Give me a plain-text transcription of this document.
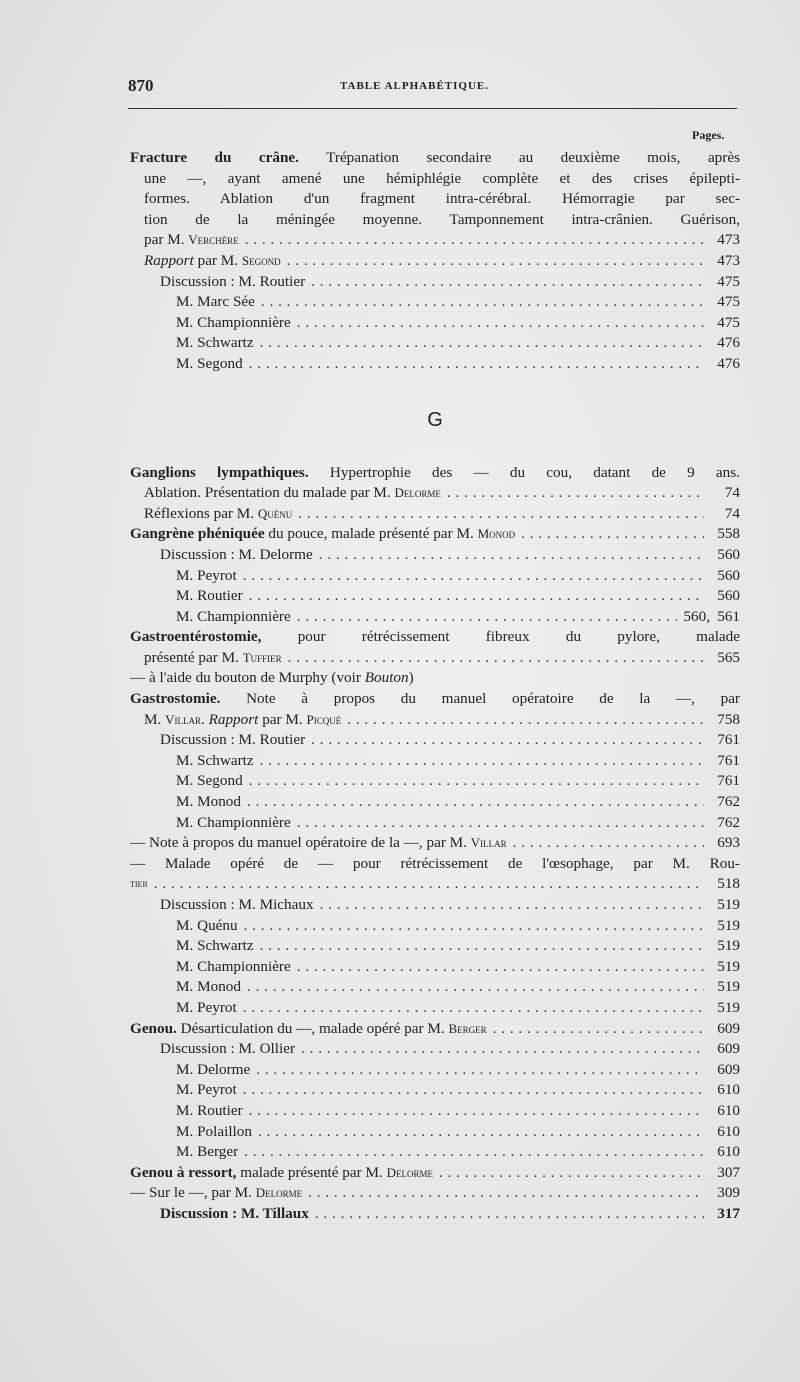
870	TABLE ALPHABÉTIQUE.
Pages.
Fracture du crâne. Trépanation secondaire au deuxième mois, après
une —, ayant amené une hémiphlégie complète et des crises épilepti-
formes. Ablation d'un fragment intra-cérébral. Hémorragie par sec-
tion de la méningée moyenne. Tamponnement intra-crânien. Guérison,
par M. Verchère . . .	473
Rapport par M. Segond . . .	473
Discussion : M. Routier . . .	475
M. Marc Sée . . .	475
M. Championnière . . .	475
M. Schwartz . . .	476
M. Segond . . .	476
G
Ganglions lympathiques. Hypertrophie des — du cou, datant de 9 ans.
Ablation. Présentation du malade par M. Delorme . . .	74
Réflexions par M. Quénu . . .	74
Gangrène phéniquée du pouce, malade présenté par M. Monod . . .	558
Discussion : M. Delorme . . .	560
M. Peyrot . . .	560
M. Routier . . .	560
M. Championnière . . .	560, 561
Gastroentérostomie, pour rétrécissement fibreux du pylore, malade
présenté par M. Tuffier . . .	565
— à l'aide du bouton de Murphy (voir Bouton)
Gastrostomie. Note à propos du manuel opératoire de la —, par
M. Villar. Rapport par M. Picqué . . .	758
Discussion : M. Routier . . .	761
M. Schwartz . . .	761
M. Segond . . .	761
M. Monod . . .	762
M. Championnière . . .	762
— Note à propos du manuel opératoire de la —, par M. Villar . . .	693
— Malade opéré de — pour rétrécissement de l'œsophage, par M. Rou-
tier . . .	518
Discussion : M. Michaux . . .	519
M. Quénu . . .	519
M. Schwartz . . .	519
M. Championnière . . .	519
M. Monod . . .	519
M. Peyrot . . .	519
Genou. Désarticulation du —, malade opéré par M. Berger . . .	609
Discussion : M. Ollier . . .	609
M. Delorme . . .	609
M. Peyrot . . .	610
M. Routier . . .	610
M. Polaillon . . .	610
M. Berger . . .	610
Genou à ressort, malade présenté par M. Delorme . . .	307
— Sur le —, par M. Delorme . . .	309
Discussion : M. Tillaux . . .	317
